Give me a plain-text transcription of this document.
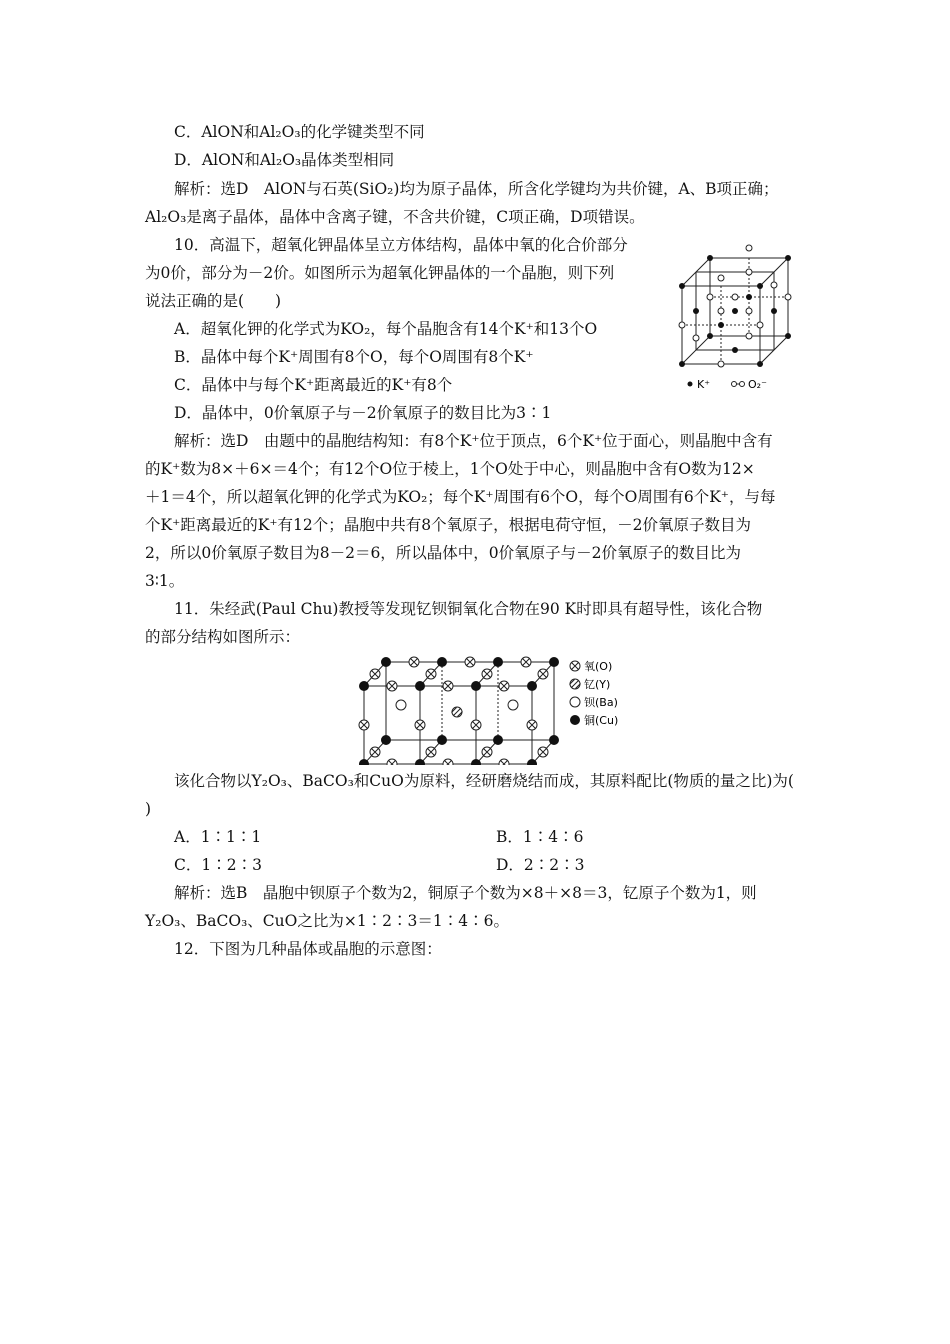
C．AlON和Al₂O₃的化学键类型不同
D．AlON和Al₂O₃晶体类型相同
解析：选D　AlON与石英(SiO₂)均为原子晶体，所含化学键均为共价键，A、B项正确；
Al₂O₃是离子晶体，晶体中含离子键，不含共价键，C项正确，D项错误。
10．高温下，超氧化钾晶体呈立方体结构，晶体中氧的化合价部分
为0价，部分为－2价。如图所示为超氧化钾晶体的一个晶胞，则下列
说法正确的是(　　)
A．超氧化钾的化学式为KO₂，每个晶胞含有14个K⁺和13个O
B．晶体中每个K⁺周围有8个O，每个O周围有8个K⁺
C．晶体中与每个K⁺距离最近的K⁺有8个
D．晶体中，0价氧原子与－2价氧原子的数目比为3∶1
K⁺	O₂⁻
解析：选D　由题中的晶胞结构知：有8个K⁺位于顶点，6个K⁺位于面心，则晶胞中含有
的K⁺数为8×＋6×＝4个；有12个O位于棱上，1个O处于中心，则晶胞中含有O数为12×
＋1＝4个，所以超氧化钾的化学式为KO₂；每个K⁺周围有6个O，每个O周围有6个K⁺，与每
个K⁺距离最近的K⁺有12个；晶胞中共有8个氧原子，根据电荷守恒，－2价氧原子数目为
2，所以0价氧原子数目为8－2＝6，所以晶体中，0价氧原子与－2价氧原子的数目比为
3∶1。
11．朱经武(Paul Chu)教授等发现钇钡铜氧化合物在90 K时即具有超导性，该化合物
的部分结构如图所示：
氧(O)
钇(Y)
钡(Ba)
铜(Cu)
该化合物以Y₂O₃、BaCO₃和CuO为原料，经研磨烧结而成，其原料配比(物质的量之比)为(
)
A．1∶1∶1	B．1∶4∶6
C．1∶2∶3	D．2∶2∶3
解析：选B　晶胞中钡原子个数为2，铜原子个数为×8＋×8＝3，钇原子个数为1，则
Y₂O₃、BaCO₃、CuO之比为×1∶2∶3＝1∶4∶6。
12．下图为几种晶体或晶胞的示意图：
